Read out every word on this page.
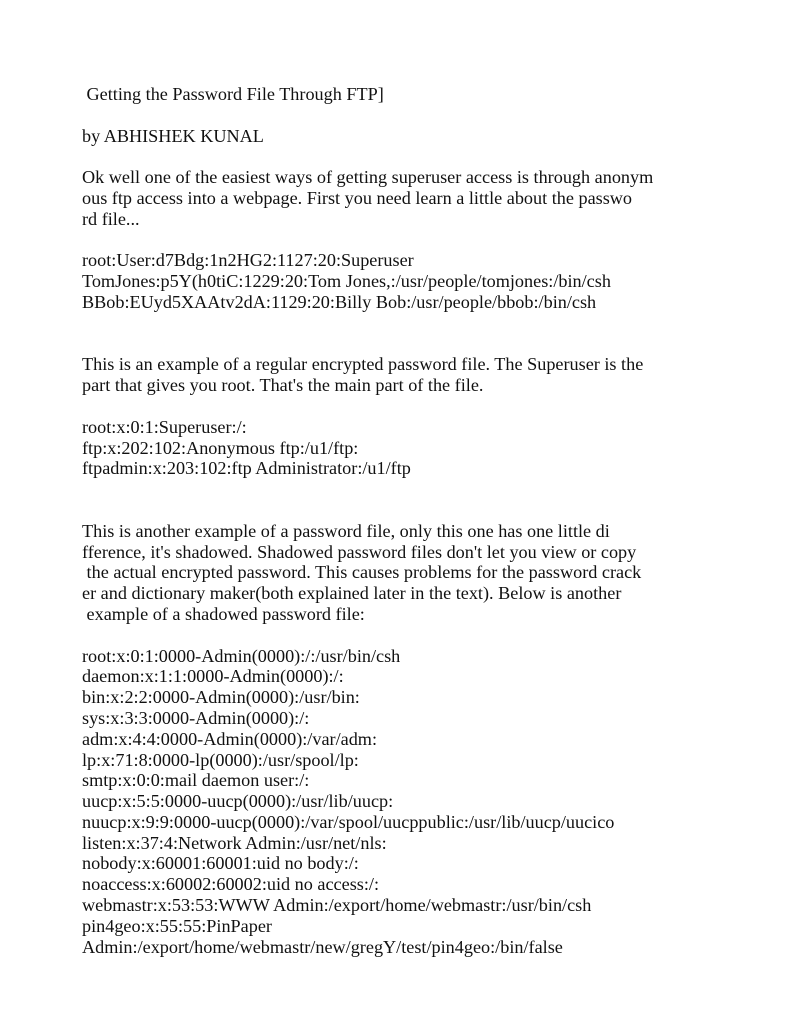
Getting the Password File Through FTP]
by ABHISHEK KUNAL
Ok well one of the easiest ways of getting superuser access is through anonym
ous ftp access into a webpage. First you need learn a little about the passwo
rd file...
root:User:d7Bdg:1n2HG2:1127:20:Superuser
TomJones:p5Y(h0tiC:1229:20:Tom Jones,:/usr/people/tomjones:/bin/csh
BBob:EUyd5XAAtv2dA:1129:20:Billy Bob:/usr/people/bbob:/bin/csh
This is an example of a regular encrypted password file. The Superuser is the
part that gives you root. That's the main part of the file.
root:x:0:1:Superuser:/:
ftp:x:202:102:Anonymous ftp:/u1/ftp:
ftpadmin:x:203:102:ftp Administrator:/u1/ftp
This is another example of a password file, only this one has one little di
fference, it's shadowed. Shadowed password files don't let you view or copy
the actual encrypted password. This causes problems for the password crack
er and dictionary maker(both explained later in the text). Below is another
example of a shadowed password file:
root:x:0:1:0000-Admin(0000):/:/usr/bin/csh
daemon:x:1:1:0000-Admin(0000):/:
bin:x:2:2:0000-Admin(0000):/usr/bin:
sys:x:3:3:0000-Admin(0000):/:
adm:x:4:4:0000-Admin(0000):/var/adm:
lp:x:71:8:0000-lp(0000):/usr/spool/lp:
smtp:x:0:0:mail daemon user:/:
uucp:x:5:5:0000-uucp(0000):/usr/lib/uucp:
nuucp:x:9:9:0000-uucp(0000):/var/spool/uucppublic:/usr/lib/uucp/uucico
listen:x:37:4:Network Admin:/usr/net/nls:
nobody:x:60001:60001:uid no body:/:
noaccess:x:60002:60002:uid no access:/:
webmastr:x:53:53:WWW Admin:/export/home/webmastr:/usr/bin/csh
pin4geo:x:55:55:PinPaper
Admin:/export/home/webmastr/new/gregY/test/pin4geo:/bin/false
